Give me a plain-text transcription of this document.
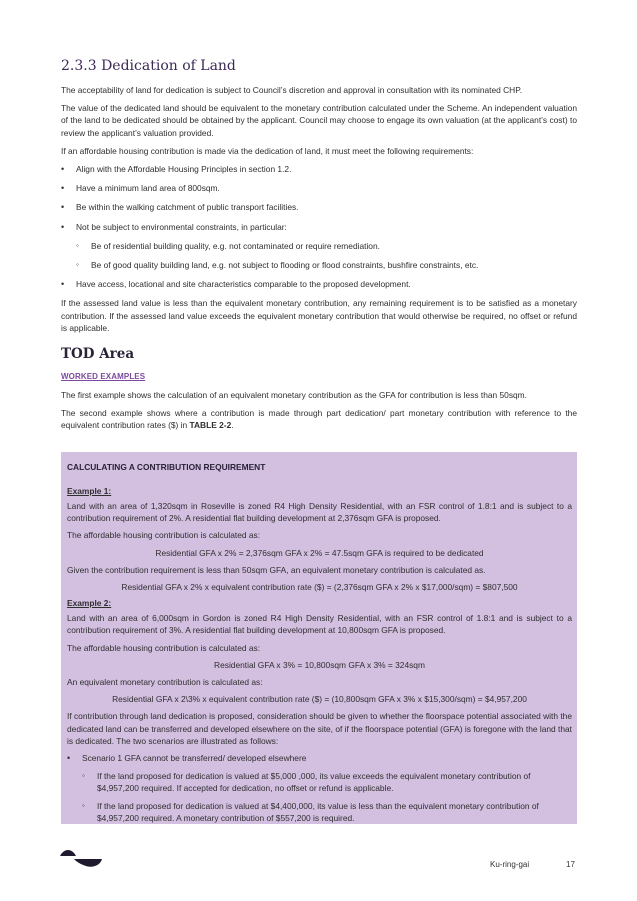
2.3.3 Dedication of Land

The acceptability of land for dedication is subject to Council’s discretion and approval in consultation with its nominated CHP.

The value of the dedicated land should be equivalent to the monetary contribution calculated under the Scheme. An independent valuation of the land to be dedicated should be obtained by the applicant. Council may choose to engage its own valuation (at the applicant’s cost) to review the applicant’s valuation provided.

If an affordable housing contribution is made via the dedication of land, it must meet the following requirements:

• Align with the Affordable Housing Principles in section 1.2.
• Have a minimum land area of 800sqm.
• Be within the walking catchment of public transport facilities.
• Not be subject to environmental constraints, in particular:
◦ Be of residential building quality, e.g. not contaminated or require remediation.
◦ Be of good quality building land, e.g. not subject to flooding or flood constraints, bushfire constraints, etc.
• Have access, locational and site characteristics comparable to the proposed development.

If the assessed land value is less than the equivalent monetary contribution, any remaining requirement is to be satisfied as a monetary contribution. If the assessed land value exceeds the equivalent monetary contribution that would otherwise be required, no offset or refund is applicable.

TOD Area
WORKED EXAMPLES

The first example shows the calculation of an equivalent monetary contribution as the GFA for contribution is less than 50sqm.

The second example shows where a contribution is made through part dedication/ part monetary contribution with reference to the equivalent contribution rates ($) in TABLE 2-2.

CALCULATING A CONTRIBUTION REQUIREMENT
Example 1:

Land with an area of 1,320sqm in Roseville is zoned R4 High Density Residential, with an FSR control of 1.8:1 and is subject to a contribution requirement of 2%. A residential flat building development at 2,376sqm GFA is proposed.

The affordable housing contribution is calculated as:

Residential GFA x 2% = 2,376sqm GFA x 2% = 47.5sqm GFA is required to be dedicated

Given the contribution requirement is less than 50sqm GFA, an equivalent monetary contribution is calculated as.

Residential GFA x 2% x equivalent contribution rate ($) = (2,376sqm GFA x 2% x $17,000/sqm) = $807,500

Example 2:

Land with an area of 6,000sqm in Gordon is zoned R4 High Density Residential, with an FSR control of 1.8:1 and is subject to a contribution requirement of 3%. A residential flat building development at 10,800sqm GFA is proposed.

The affordable housing contribution is calculated as:

Residential GFA x 3% = 10,800sqm GFA x 3% = 324sqm

An equivalent monetary contribution is calculated as:

Residential GFA x 2\3% x equivalent contribution rate ($) = (10,800sqm GFA x 3% x $15,300/sqm) = $4,957,200

If contribution through land dedication is proposed, consideration should be given to whether the floorspace potential associated with the dedicated land can be transferred and developed elsewhere on the site, of if the floorspace potential (GFA) is foregone with the land that is dedicated. The two scenarios are illustrated as follows:

• Scenario 1 GFA cannot be transferred/ developed elsewhere
◦ If the land proposed for dedication is valued at $5,000 ,000, its value exceeds the equivalent monetary contribution of $4,957,200 required. If accepted for dedication, no offset or refund is applicable.
◦ If the land proposed for dedication is valued at $4,400,000, its value is less than the equivalent monetary contribution of $4,957,200 required. A monetary contribution of $557,200 is required.
Ku-ring-gai	17
